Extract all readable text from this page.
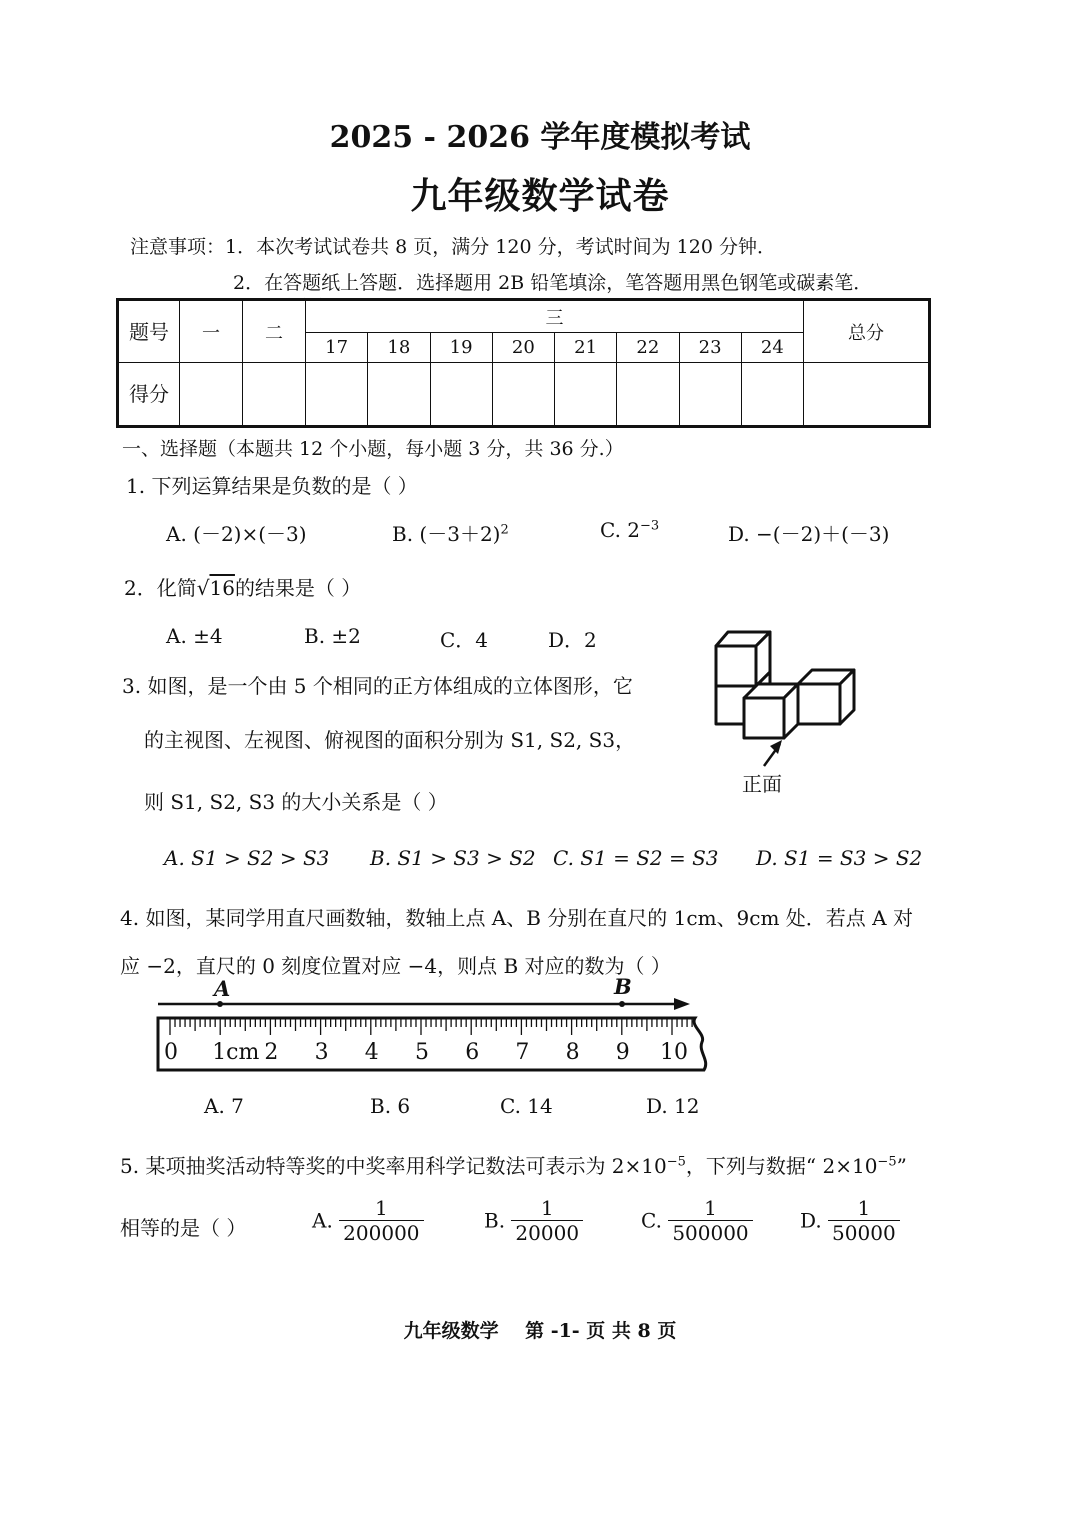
2025 - 2026 学年度模拟考试
九年级数学试卷
注意事项：1．本次考试试卷共 8 页，满分 120 分，考试时间为 120 分钟．
2．在答题纸 · · ·上答题．选择题用 2B 铅笔填涂，笔答题用黑色钢笔或碳素笔．
题号	一	二	三								总分
			17	18	19	20	21	22	23	24	
得分											
一、选择题（本题共 12 个小题，每小题 3 分，共 36 分.）
1. 下列运算结果是负数的是（ ）
A. (－2)×(－3)	B. $(-3+2)^2$	C. $2^{-3}$	D. −(－2)＋(－3)
2．化简√16的结果是（ ）
A. ±4	B. ±2	C．4	D．2
3. 如图，是一个由 5 个相同的正方体组成的立体图形，它
的主视图、左视图、俯视图的面积分别为 S1, S2, S3，
则 S1, S2, S3 的大小关系是（ ）
正面
A. S1 > S2 > S3 B. S1 > S3 > S2 C. S1 = S2 = S3 D. S1 = S3 > S2
4. 如图，某同学用直尺画数轴，数轴上点 A、B 分别在直尺的 1cm、9cm 处．若点 A 对
应 −2，直尺的 0 刻度位置对应 −4，则点 B 对应的数为（ ）
A	B
0 1cm 2 3 4 5 6 7 8 9 10
A. 7	B. 6	C. 14	D. 12
5. 某项抽奖活动特等奖的中奖率用科学记数法可表示为 $2\times 10^{-5}$，下列与数据“ $2\times 10^{-5}$”
相等的是（ ）	A. $\frac{1}{200000}$	B. $\frac{1}{20000}$	C. $\frac{1}{500000} D$. $\frac{1}{50000}$
九年级数学    第 -1- 页 共 8 页
